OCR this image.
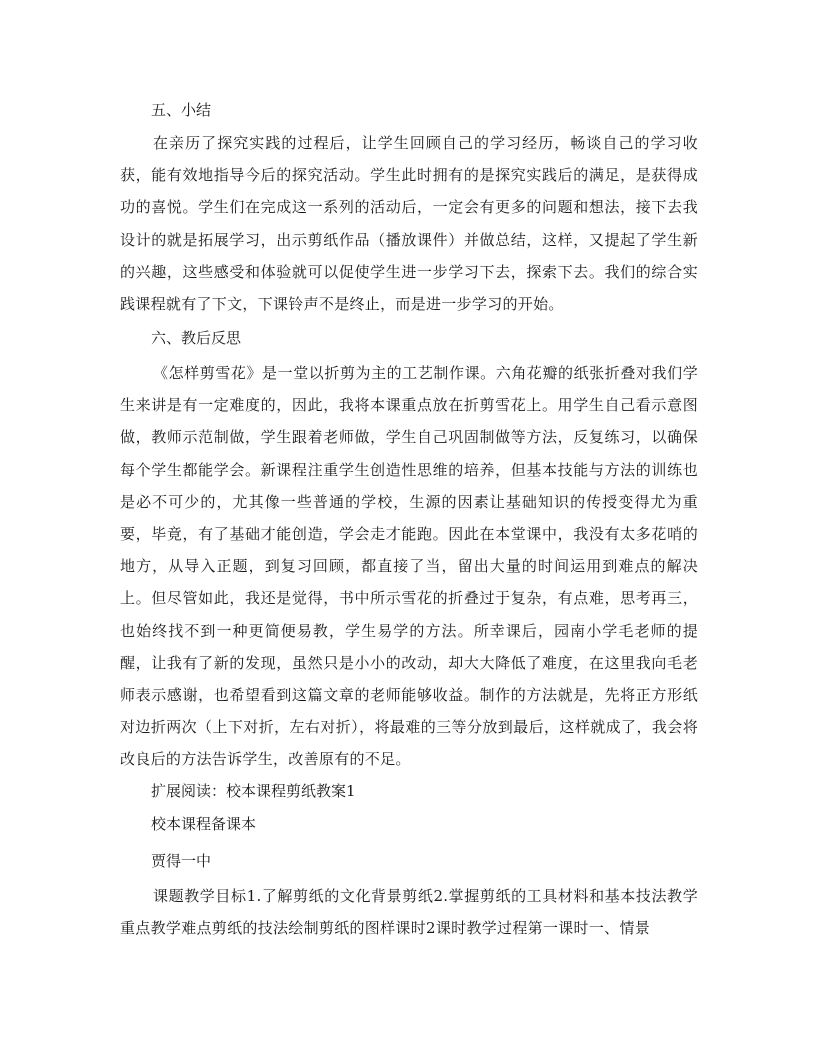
五、小结

在亲历了探究实践的过程后，让学生回顾自己的学习经历，畅谈自己的学习收获，能有效地指导今后的探究活动。学生此时拥有的是探究实践后的满足，是获得成功的喜悦。学生们在完成这一系列的活动后，一定会有更多的问题和想法，接下去我设计的就是拓展学习，出示剪纸作品（播放课件）并做总结，这样，又提起了学生新的兴趣，这些感受和体验就可以促使学生进一步学习下去，探索下去。我们的综合实践课程就有了下文，下课铃声不是终止，而是进一步学习的开始。

六、教后反思

《怎样剪雪花》是一堂以折剪为主的工艺制作课。六角花瓣的纸张折叠对我们学生来讲是有一定难度的，因此，我将本课重点放在折剪雪花上。用学生自己看示意图做，教师示范制做，学生跟着老师做，学生自己巩固制做等方法，反复练习，以确保每个学生都能学会。新课程注重学生创造性思维的培养，但基本技能与方法的训练也是必不可少的，尤其像一些普通的学校，生源的因素让基础知识的传授变得尤为重要，毕竟，有了基础才能创造，学会走才能跑。因此在本堂课中，我没有太多花哨的地方，从导入正题，到复习回顾，都直接了当，留出大量的时间运用到难点的解决上。但尽管如此，我还是觉得，书中所示雪花的折叠过于复杂，有点难，思考再三，也始终找不到一种更简便易教，学生易学的方法。所幸课后，园南小学毛老师的提醒，让我有了新的发现，虽然只是小小的改动，却大大降低了难度，在这里我向毛老师表示感谢，也希望看到这篇文章的老师能够收益。制作的方法就是，先将正方形纸对边折两次（上下对折，左右对折），将最难的三等分放到最后，这样就成了，我会将改良后的方法告诉学生，改善原有的不足。

扩展阅读：校本课程剪纸教案1

校本课程备课本

贾得一中

课题教学目标1.了解剪纸的文化背景剪纸2.掌握剪纸的工具材料和基本技法教学重点教学难点剪纸的技法绘制剪纸的图样课时2课时教学过程第一课时一、情景
